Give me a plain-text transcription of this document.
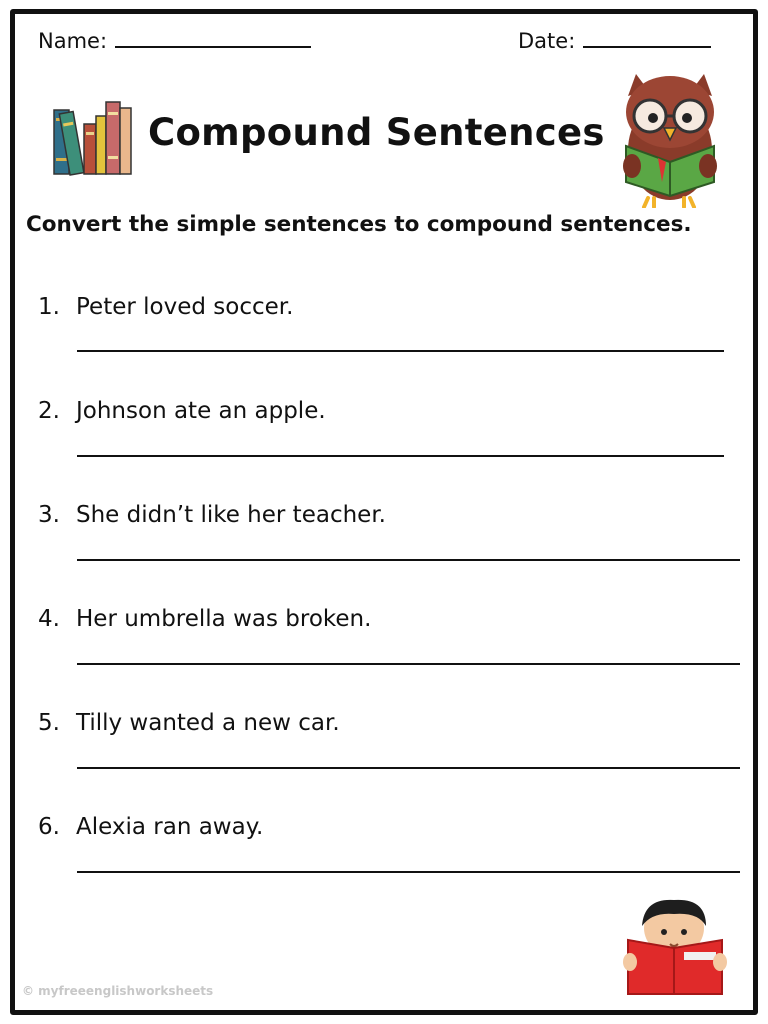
Name:	Date:
Compound Sentences
Convert the simple sentences to compound sentences.
1. Peter loved soccer.
2. Johnson ate an apple.
3. She didn’t like her teacher.
4. Her umbrella was broken.
5. Tilly wanted a new car.
6. Alexia ran away.
© myfreeenglishworksheets
